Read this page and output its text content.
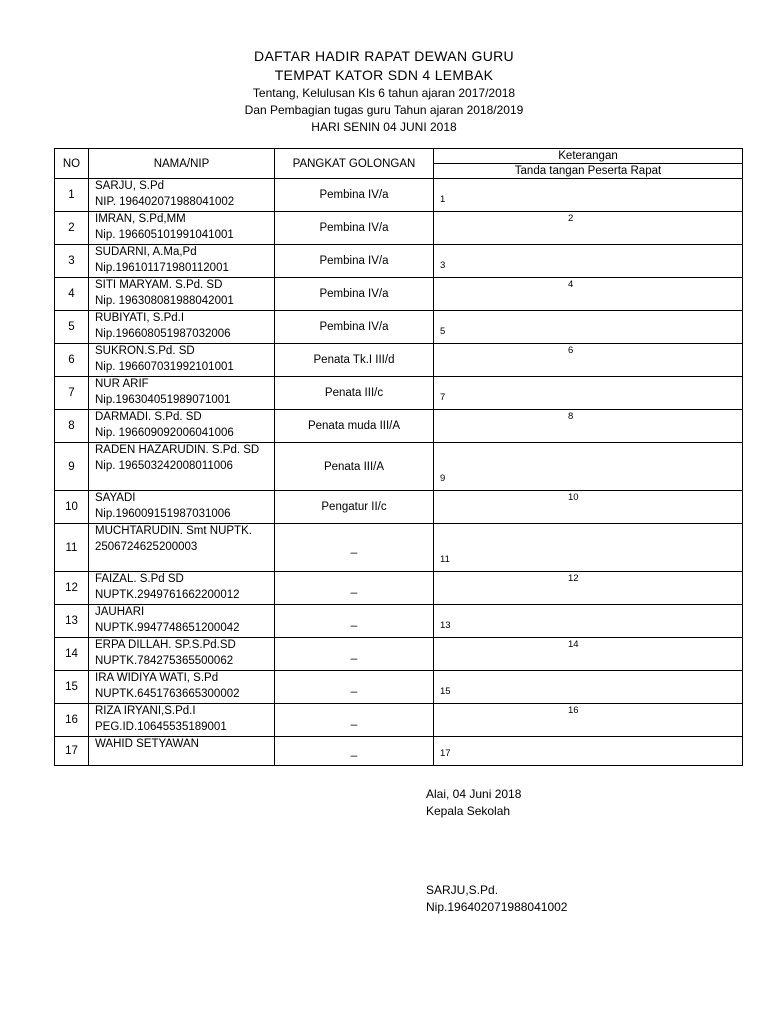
DAFTAR HADIR RAPAT DEWAN GURU
TEMPAT KATOR SDN 4 LEMBAK
Tentang, Kelulusan Kls 6 tahun ajaran 2017/2018
Dan Pembagian tugas guru Tahun ajaran 2018/2019
HARI SENIN 04 JUNI 2018
NO	NAMA/NIP	PANGKAT GOLONGAN	Keterangan
			Tanda tangan Peserta Rapat
1	SARJU, S.Pd
NIP. 196402071988041002	Pembina IV/a	1

2	IMRAN, S.Pd,MM
Nip. 196605101991041001	Pembina IV/a	2

3	SUDARNI, A.Ma,Pd
Nip.196101171980112001	Pembina IV/a	3

4	SITI MARYAM. S.Pd. SD
Nip. 196308081988042001	Pembina IV/a	4

5	RUBIYATI, S.Pd.I
Nip.196608051987032006	Pembina IV/a	5

6	SUKRON.S.Pd. SD
Nip. 196607031992101001	Penata Tk.I III/d	6

7	NUR ARIF
Nip.196304051989071001	Penata III/c	7

8	DARMADI. S.Pd. SD
Nip. 196609092006041006	Penata muda III/A	8

9	RADEN HAZARUDIN. S.Pd. SD
Nip. 196503242008011006	Penata III/A	9

10	SAYADI
Nip.196009151987031006	Pengatur II/c	10

11	MUCHTARUDIN. Smt NUPTK.
2506724625200003	_	11

12	FAIZAL. S.Pd SD
NUPTK.2949761662200012	_	12

13	JAUHARI
NUPTK.9947748651200042	_	13

14	ERPA DILLAH. SP.S.Pd.SD
NUPTK.784275365500062	_	14

15	IRA WIDIYA WATI, S.Pd
NUPTK.6451763665300002	_	15

16	RIZA IRYANI,S.Pd.I
PEG.ID.10645535189001	_	16

17	WAHID SETYAWAN	_	17
Alai, 04 Juni 2018
Kepala Sekolah
SARJU,S.Pd.
Nip.196402071988041002
